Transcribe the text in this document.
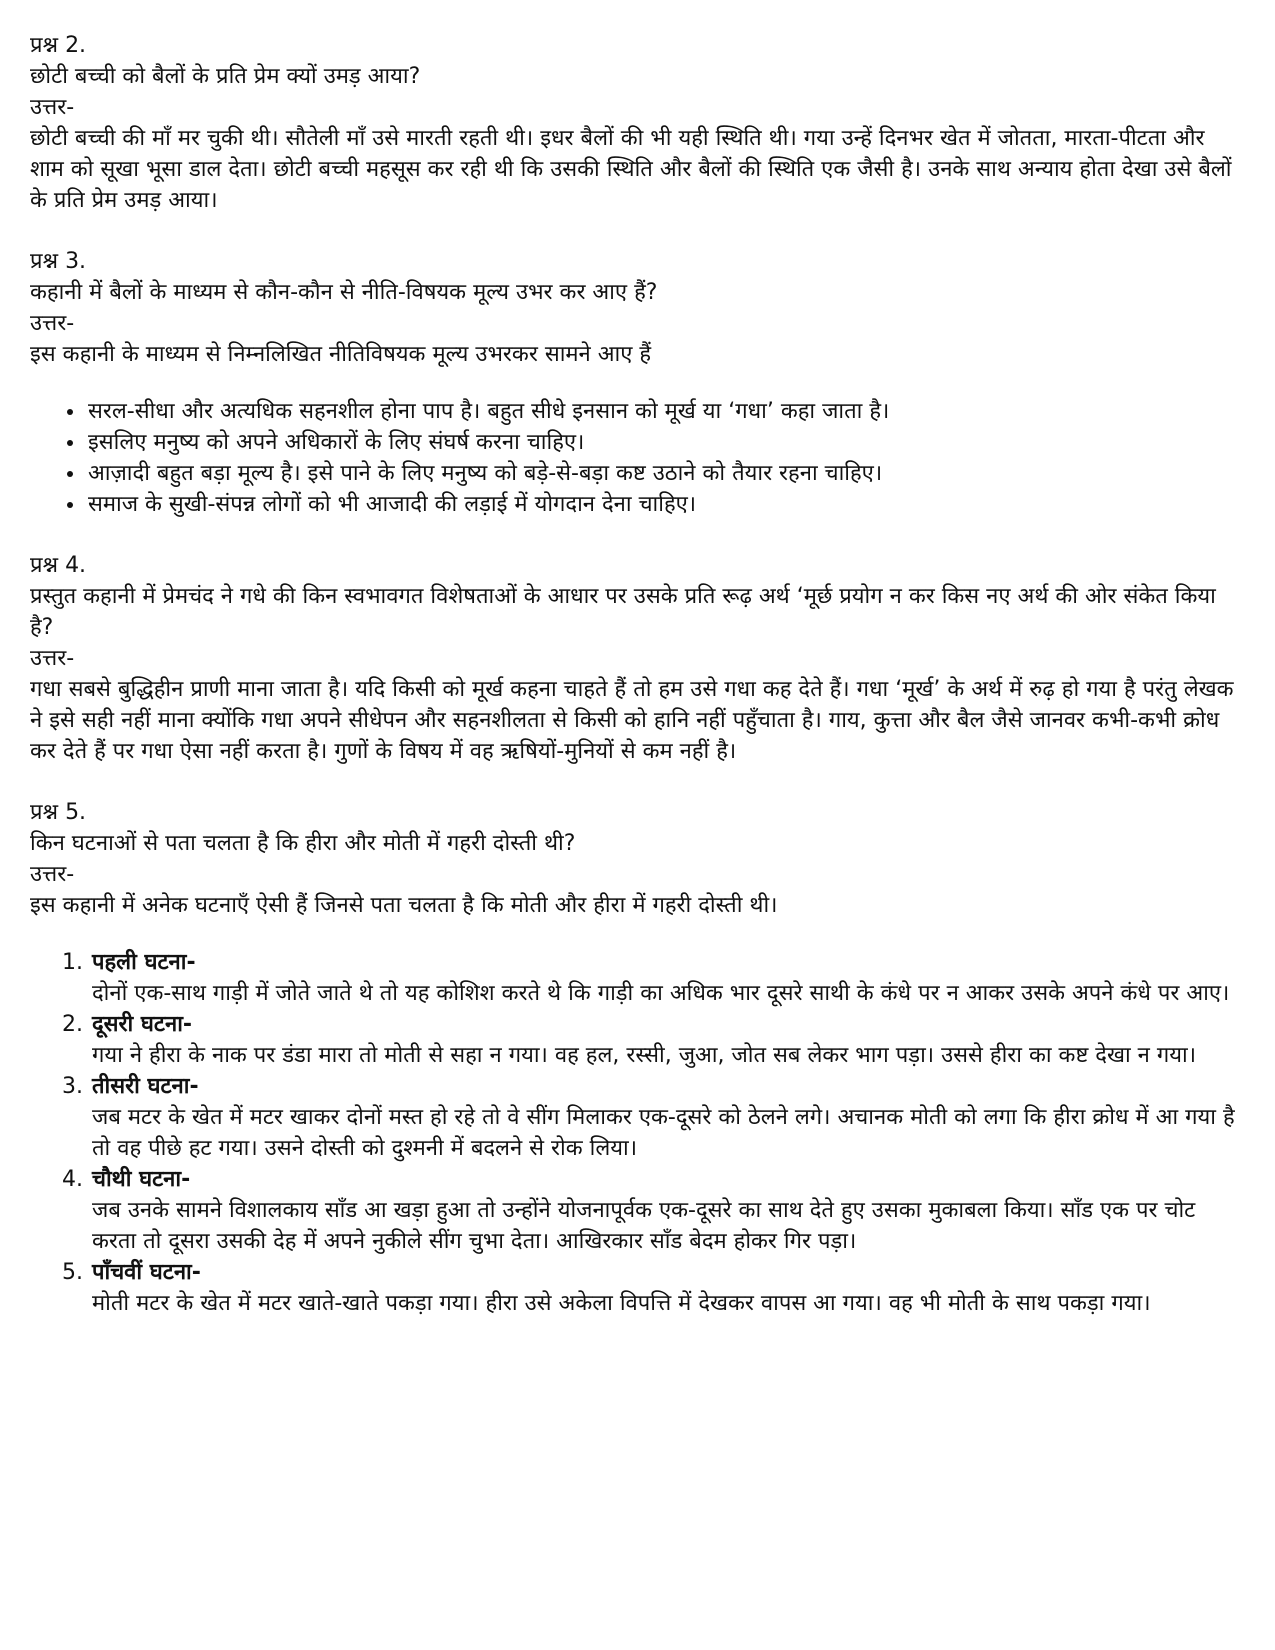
प्रश्न 2.

छोटी बच्ची को बैलों के प्रति प्रेम क्यों उमड़ आया?

उत्तर-

छोटी बच्ची की माँ मर चुकी थी। सौतेली माँ उसे मारती रहती थी। इधर बैलों की भी यही स्थिति थी। गया उन्हें दिनभर खेत में जोतता, मारता-पीटता और शाम को सूखा भूसा डाल देता। छोटी बच्ची महसूस कर रही थी कि उसकी स्थिति और बैलों की स्थिति एक जैसी है। उनके साथ अन्याय होता देखा उसे बैलों के प्रति प्रेम उमड़ आया।

प्रश्न 3.

कहानी में बैलों के माध्यम से कौन-कौन से नीति-विषयक मूल्य उभर कर आए हैं?

उत्तर-

इस कहानी के माध्यम से निम्नलिखित नीतिविषयक मूल्य उभरकर सामने आए हैं

• सरल-सीधा और अत्यधिक सहनशील होना पाप है। बहुत सीधे इनसान को मूर्ख या ‘गधा’ कहा जाता है।
• इसलिए मनुष्य को अपने अधिकारों के लिए संघर्ष करना चाहिए।
• आज़ादी बहुत बड़ा मूल्य है। इसे पाने के लिए मनुष्य को बड़े-से-बड़ा कष्ट उठाने को तैयार रहना चाहिए।
• समाज के सुखी-संपन्न लोगों को भी आजादी की लड़ाई में योगदान देना चाहिए।

प्रश्न 4.

प्रस्तुत कहानी में प्रेमचंद ने गधे की किन स्वभावगत विशेषताओं के आधार पर उसके प्रति रूढ़ अर्थ ‘मूर्छ प्रयोग न कर किस नए अर्थ की ओर संकेत किया है?

उत्तर-

गधा सबसे बुद्धिहीन प्राणी माना जाता है। यदि किसी को मूर्ख कहना चाहते हैं तो हम उसे गधा कह देते हैं। गधा ‘मूर्ख’ के अर्थ में रुढ़ हो गया है परंतु लेखक ने इसे सही नहीं माना क्योंकि गधा अपने सीधेपन और सहनशीलता से किसी को हानि नहीं पहुँचाता है। गाय, कुत्ता और बैल जैसे जानवर कभी-कभी क्रोध कर देते हैं पर गधा ऐसा नहीं करता है। गुणों के विषय में वह ऋषियों-मुनियों से कम नहीं है।

प्रश्न 5.

किन घटनाओं से पता चलता है कि हीरा और मोती में गहरी दोस्ती थी?

उत्तर-

इस कहानी में अनेक घटनाएँ ऐसी हैं जिनसे पता चलता है कि मोती और हीरा में गहरी दोस्ती थी।

1. पहली घटना-
दोनों एक-साथ गाड़ी में जोते जाते थे तो यह कोशिश करते थे कि गाड़ी का अधिक भार दूसरे साथी के कंधे पर न आकर उसके अपने कंधे पर आए।
2. दूसरी घटना-
गया ने हीरा के नाक पर डंडा मारा तो मोती से सहा न गया। वह हल, रस्सी, जुआ, जोत सब लेकर भाग पड़ा। उससे हीरा का कष्ट देखा न गया।
3. तीसरी घटना-
जब मटर के खेत में मटर खाकर दोनों मस्त हो रहे तो वे सींग मिलाकर एक-दूसरे को ठेलने लगे। अचानक मोती को लगा कि हीरा क्रोध में आ गया है तो वह पीछे हट गया। उसने दोस्ती को दुश्मनी में बदलने से रोक लिया।
4. चौथी घटना-
जब उनके सामने विशालकाय साँड आ खड़ा हुआ तो उन्होंने योजनापूर्वक एक-दूसरे का साथ देते हुए उसका मुकाबला किया। साँड एक पर चोट करता तो दूसरा उसकी देह में अपने नुकीले सींग चुभा देता। आखिरकार साँड बेदम होकर गिर पड़ा।
5. पाँचवीं घटना-
मोती मटर के खेत में मटर खाते-खाते पकड़ा गया। हीरा उसे अकेला विपत्ति में देखकर वापस आ गया। वह भी मोती के साथ पकड़ा गया।
